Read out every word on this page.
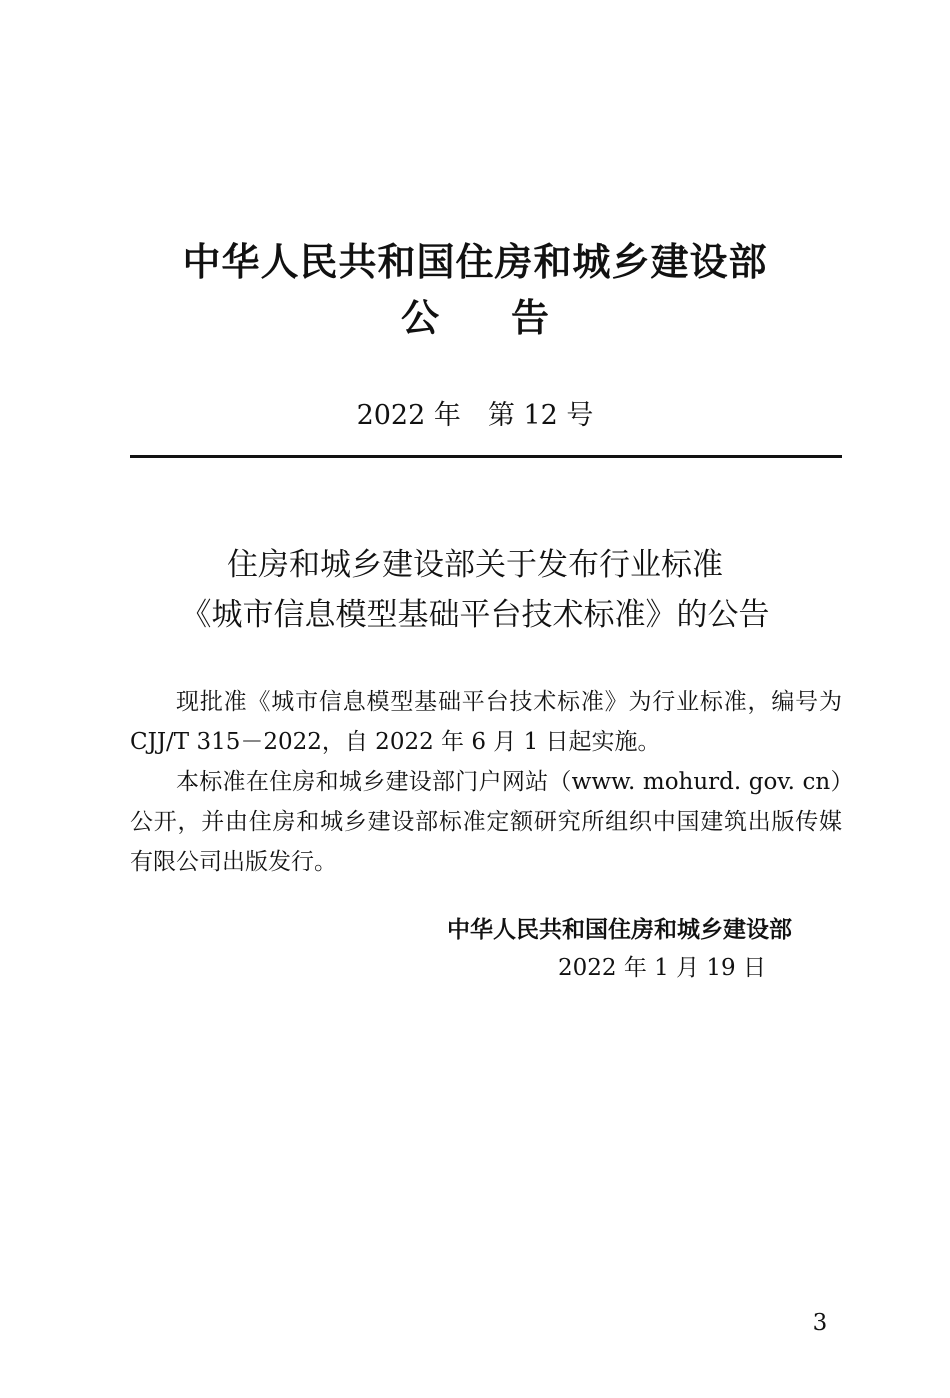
中华人民共和国住房和城乡建设部
公告
2022 年　第 12 号
住房和城乡建设部关于发布行业标准
《城市信息模型基础平台技术标准》的公告

现批准《城市信息模型基础平台技术标准》为行业标准，编号为 CJJ/T 315－2022，自 2022 年 6 月 1 日起实施。

本标准在住房和城乡建设部门户网站（www. mohurd. gov. cn）公开，并由住房和城乡建设部标准定额研究所组织中国建筑出版传媒有限公司出版发行。

中华人民共和国住房和城乡建设部
2022 年 1 月 19 日
3
